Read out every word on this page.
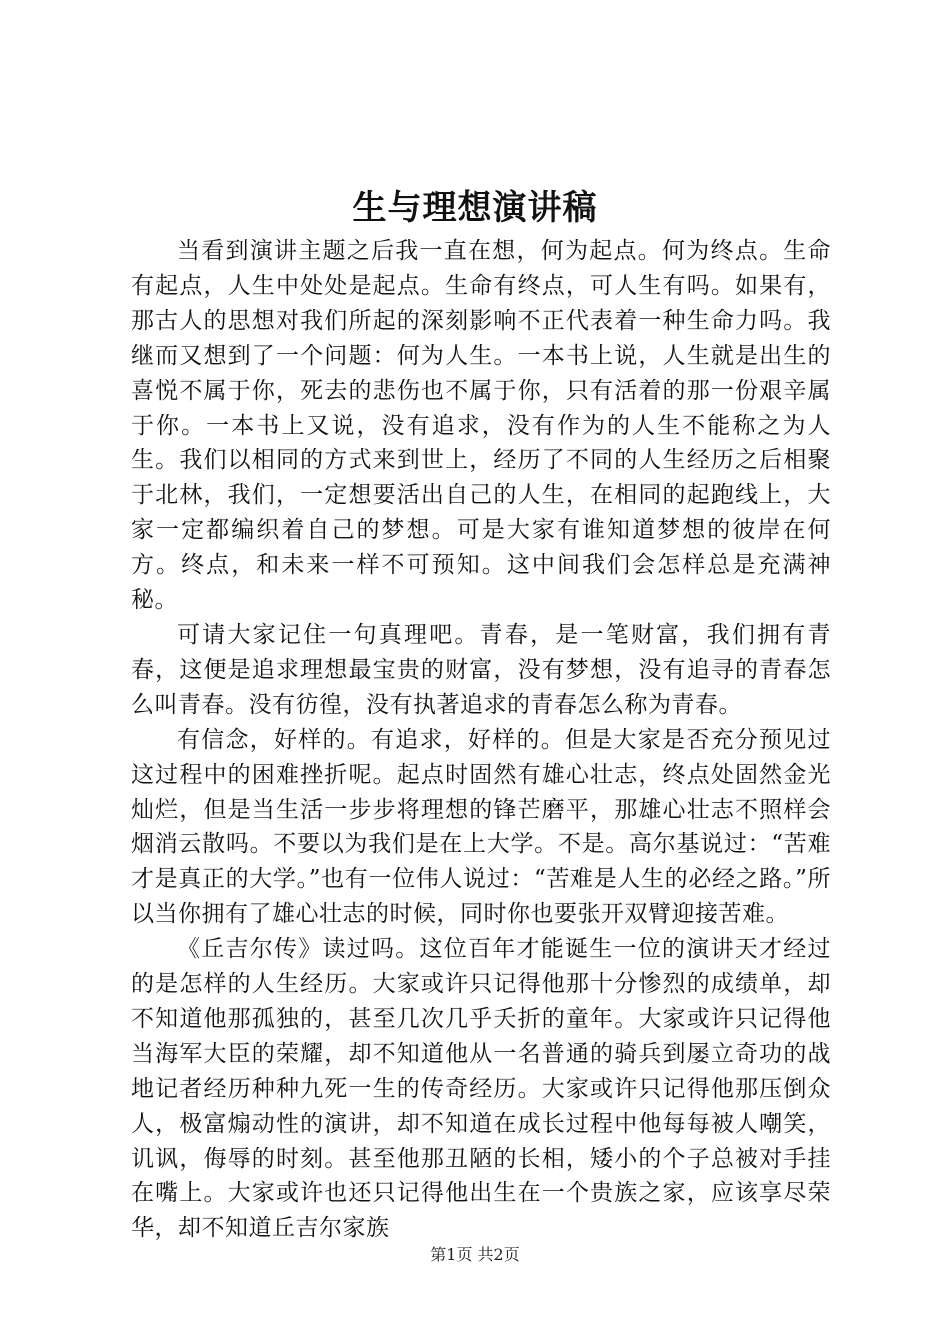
生与理想演讲稿

当看到演讲主题之后我一直在想，何为起点。何为终点。生命有起点，人生中处处是起点。生命有终点，可人生有吗。如果有，那古人的思想对我们所起的深刻影响不正代表着一种生命力吗。我继而又想到了一个问题：何为人生。一本书上说，人生就是出生的喜悦不属于你，死去的悲伤也不属于你，只有活着的那一份艰辛属于你。一本书上又说，没有追求，没有作为的人生不能称之为人生。我们以相同的方式来到世上，经历了不同的人生经历之后相聚于北林，我们，一定想要活出自己的人生，在相同的起跑线上，大家一定都编织着自己的梦想。可是大家有谁知道梦想的彼岸在何方。终点，和未来一样不可预知。这中间我们会怎样总是充满神秘。

可请大家记住一句真理吧。青春，是一笔财富，我们拥有青春，这便是追求理想最宝贵的财富，没有梦想，没有追寻的青春怎么叫青春。没有彷徨，没有执著追求的青春怎么称为青春。

有信念，好样的。有追求，好样的。但是大家是否充分预见过这过程中的困难挫折呢。起点时固然有雄心壮志，终点处固然金光灿烂，但是当生活一步步将理想的锋芒磨平，那雄心壮志不照样会烟消云散吗。不要以为我们是在上大学。不是。高尔基说过：“苦难才是真正的大学。”也有一位伟人说过：“苦难是人生的必经之路。”所以当你拥有了雄心壮志的时候，同时你也要张开双臂迎接苦难。

《丘吉尔传》读过吗。这位百年才能诞生一位的演讲天才经过的是怎样的人生经历。大家或许只记得他那十分惨烈的成绩单，却不知道他那孤独的，甚至几次几乎夭折的童年。大家或许只记得他当海军大臣的荣耀，却不知道他从一名普通的骑兵到屡立奇功的战地记者经历种种九死一生的传奇经历。大家或许只记得他那压倒众人，极富煽动性的演讲，却不知道在成长过程中他每每被人嘲笑，讥讽，侮辱的时刻。甚至他那丑陋的长相，矮小的个子总被对手挂在嘴上。大家或许也还只记得他出生在一个贵族之家，应该享尽荣华，却不知道丘吉尔家族

第1页 共2页
